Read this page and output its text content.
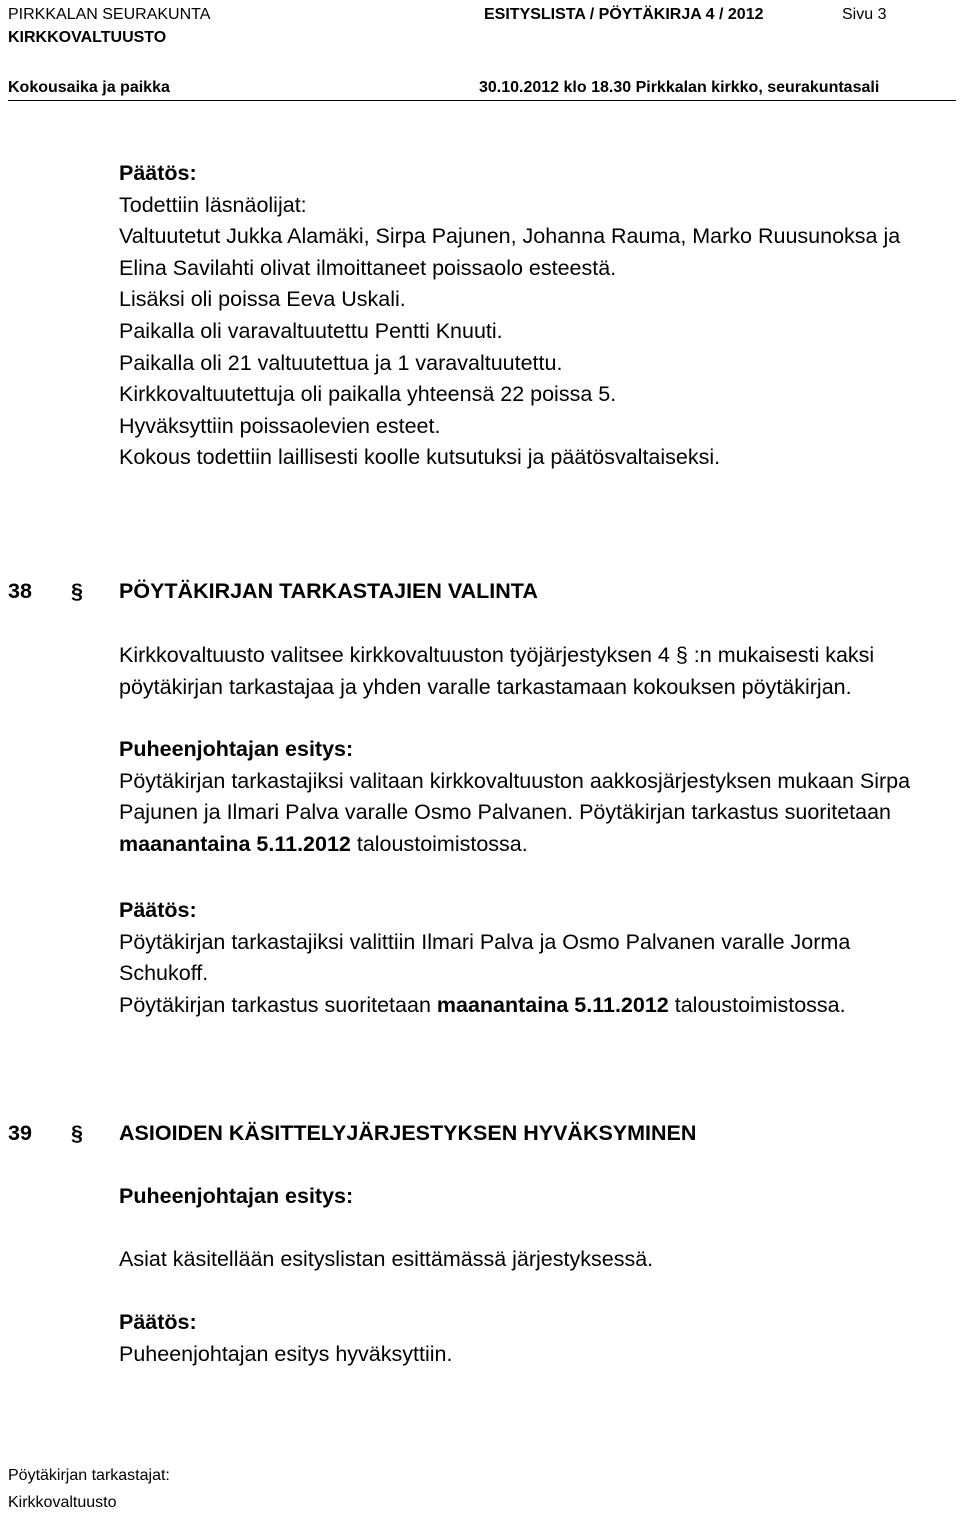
PIRKKALAN SEURAKUNTA	ESITYSLISTA / PÖYTÄKIRJA 4 / 2012	Sivu 3
KIRKKOVALTUUSTO
Kokousaika ja paikka	30.10.2012 klo 18.30 Pirkkalan kirkko, seurakuntasali

Päätös:

Todettiin läsnäolijat:

Valtuutetut Jukka Alamäki, Sirpa Pajunen, Johanna Rauma, Marko Ruusunoksa ja

Elina Savilahti olivat ilmoittaneet poissaolo esteestä.

Lisäksi oli poissa Eeva Uskali.

Paikalla oli varavaltuutettu Pentti Knuuti.

Paikalla oli 21 valtuutettua ja 1 varavaltuutettu.

Kirkkovaltuutettuja oli paikalla yhteensä 22 poissa 5.

Hyväksyttiin poissaolevien esteet.

Kokous todettiin laillisesti koolle kutsutuksi ja päätösvaltaiseksi.

38	§	PÖYTÄKIRJAN TARKASTAJIEN VALINTA

Kirkkovaltuusto valitsee kirkkovaltuuston työjärjestyksen 4 § :n mukaisesti kaksi

pöytäkirjan tarkastajaa ja yhden varalle tarkastamaan kokouksen pöytäkirjan.

Puheenjohtajan esitys:

Pöytäkirjan tarkastajiksi valitaan kirkkovaltuuston aakkosjärjestyksen mukaan Sirpa

Pajunen ja Ilmari Palva varalle Osmo Palvanen. Pöytäkirjan tarkastus suoritetaan

maanantaina 5.11.2012 taloustoimistossa.

Päätös:

Pöytäkirjan tarkastajiksi valittiin Ilmari Palva ja Osmo Palvanen varalle Jorma

Schukoff.

Pöytäkirjan tarkastus suoritetaan maanantaina 5.11.2012 taloustoimistossa.

39	§	ASIOIDEN KÄSITTELYJÄRJESTYKSEN HYVÄKSYMINEN

Puheenjohtajan esitys:

Asiat käsitellään esityslistan esittämässä järjestyksessä.

Päätös:

Puheenjohtajan esitys hyväksyttiin.

Pöytäkirjan tarkastajat:
Kirkkovaltuusto
